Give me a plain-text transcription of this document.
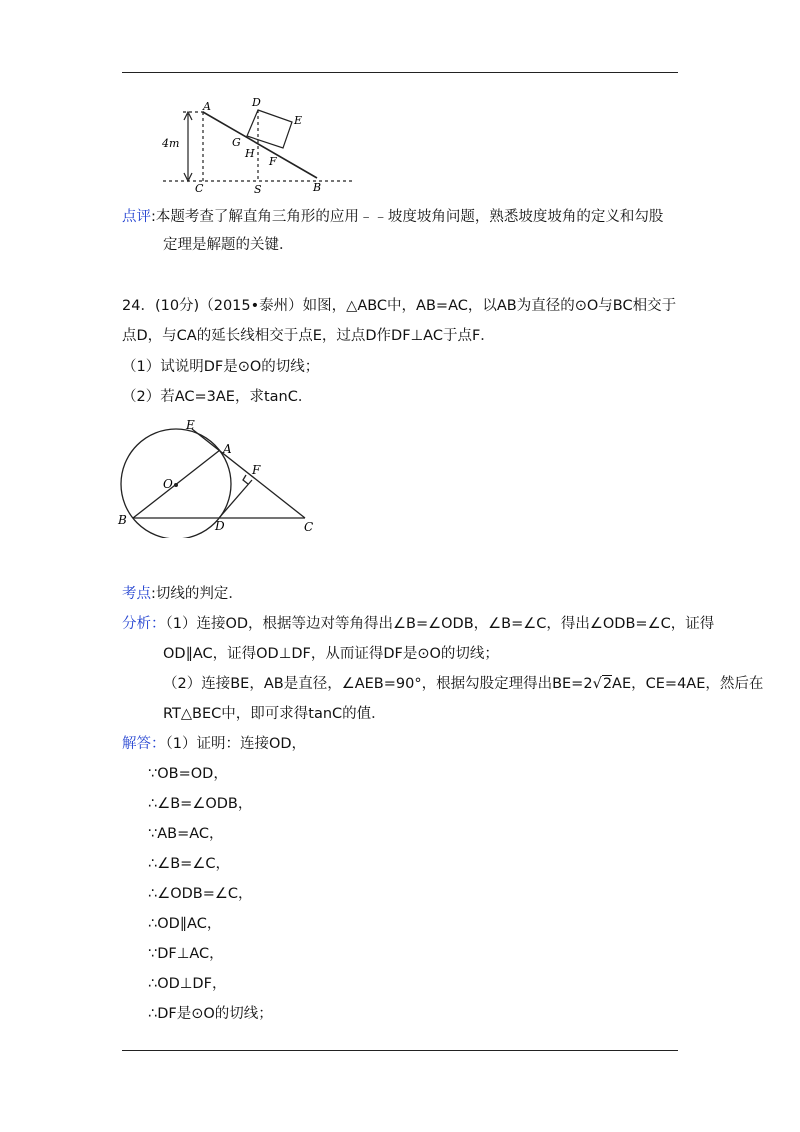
A	D
E
G
H
F
C	S	B
4m
点评:本题考查了解直角三角形的应用﹣﹣坡度坡角问题，熟悉坡度坡角的定义和勾股
定理是解题的关键．
24．(10分)（2015•泰州）如图，△ABC中，AB=AC，以AB为直径的⊙O与BC相交于
点D，与CA的延长线相交于点E，过点D作DF⊥AC于点F．
（1）试说明DF是⊙O的切线；
（2）若AC=3AE，求tanC．
E
A
F
O
B	D	C
考点:切线的判定．
分析：（1）连接OD，根据等边对等角得出∠B=∠ODB，∠B=∠C，得出∠ODB=∠C，证得
OD∥AC，证得OD⊥DF，从而证得DF是⊙O的切线；
（2）连接BE，AB是直径，∠AEB=90°，根据勾股定理得出BE=2√2AE，CE=4AE，然后在
RT△BEC中，即可求得tanC的值．
解答：（1）证明：连接OD，
∵OB=OD，
∴∠B=∠ODB，
∵AB=AC，
∴∠B=∠C，
∴∠ODB=∠C，
∴OD∥AC，
∵DF⊥AC，
∴OD⊥DF，
∴DF是⊙O的切线；
